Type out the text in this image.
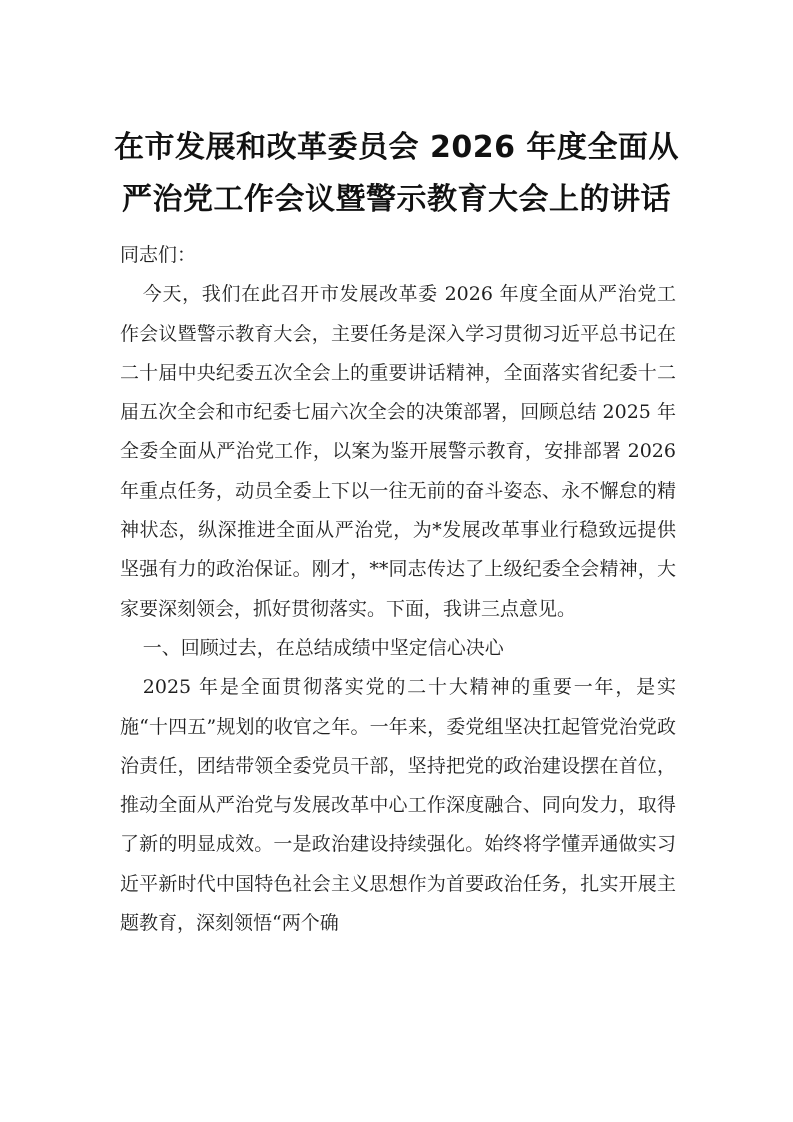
在市发展和改革委员会 2026 年度全面从严治党工作会议暨警示教育大会上的讲话

同志们：

今天，我们在此召开市发展改革委 2026 年度全面从严治党工作会议暨警示教育大会，主要任务是深入学习贯彻习近平总书记在二十届中央纪委五次全会上的重要讲话精神，全面落实省纪委十二届五次全会和市纪委七届六次全会的决策部署，回顾总结 2025 年全委全面从严治党工作，以案为鉴开展警示教育，安排部署 2026 年重点任务，动员全委上下以一往无前的奋斗姿态、永不懈怠的精神状态，纵深推进全面从严治党，为*发展改革事业行稳致远提供坚强有力的政治保证。刚才，**同志传达了上级纪委全会精神，大家要深刻领会，抓好贯彻落实。下面，我讲三点意见。

一、回顾过去，在总结成绩中坚定信心决心

2025 年是全面贯彻落实党的二十大精神的重要一年，是实施“十四五”规划的收官之年。一年来，委党组坚决扛起管党治党政治责任，团结带领全委党员干部，坚持把党的政治建设摆在首位，推动全面从严治党与发展改革中心工作深度融合、同向发力，取得了新的明显成效。一是政治建设持续强化。始终将学懂弄通做实习近平新时代中国特色社会主义思想作为首要政治任务，扎实开展主题教育，深刻领悟“两个确
